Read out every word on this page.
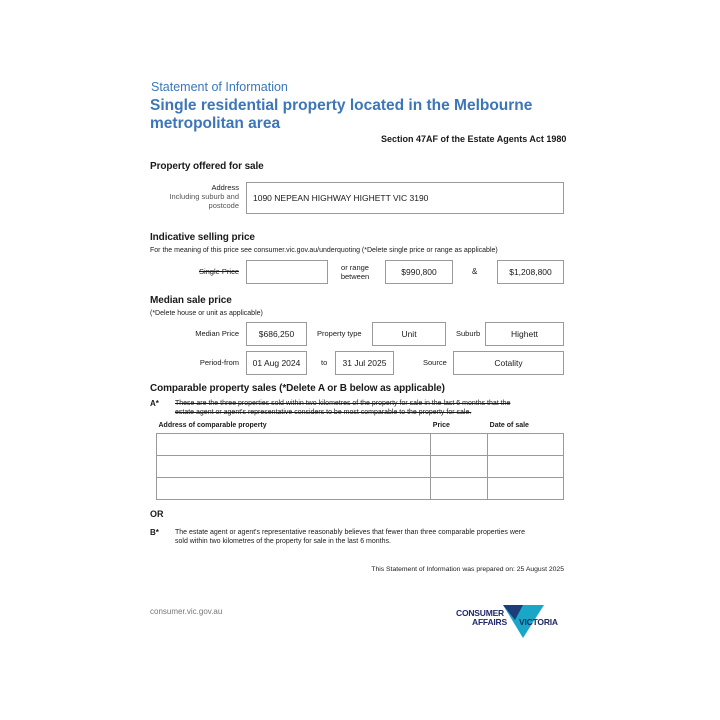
Statement of Information
Single residential property located in the Melbourne
metropolitan area
Section 47AF of the Estate Agents Act 1980
Property offered for sale
Address
Including suburb and
postcode
1090 NEPEAN HIGHWAY HIGHETT VIC 3190
Indicative selling price
For the meaning of this price see consumer.vic.gov.au/underquoting (*Delete single price or range as applicable)
Single Price	or range
between	$990,800	&	$1,208,800
Median sale price
(*Delete house or unit as applicable)
Median Price $686,250	Property type	Unit	Suburb	Highett
Period-from 01 Aug 2024	to 31 Jul 2025	Source	Cotality
Comparable property sales (*Delete A or B below as applicable)
A* These are the three properties sold within two kilometres of the property for sale in the last 6 months that the
estate agent or agent's representative considers to be most comparable to the property for sale.
Address of comparable property	Price	Date of sale

OR
B* The estate agent or agent's representative reasonably believes that fewer than three comparable properties were
sold within two kilometres of the property for sale in the last 6 months.
This Statement of Information was prepared on: 25 August 2025
consumer.vic.gov.au	CONSUMER
AFFAIRS VICTORIA
